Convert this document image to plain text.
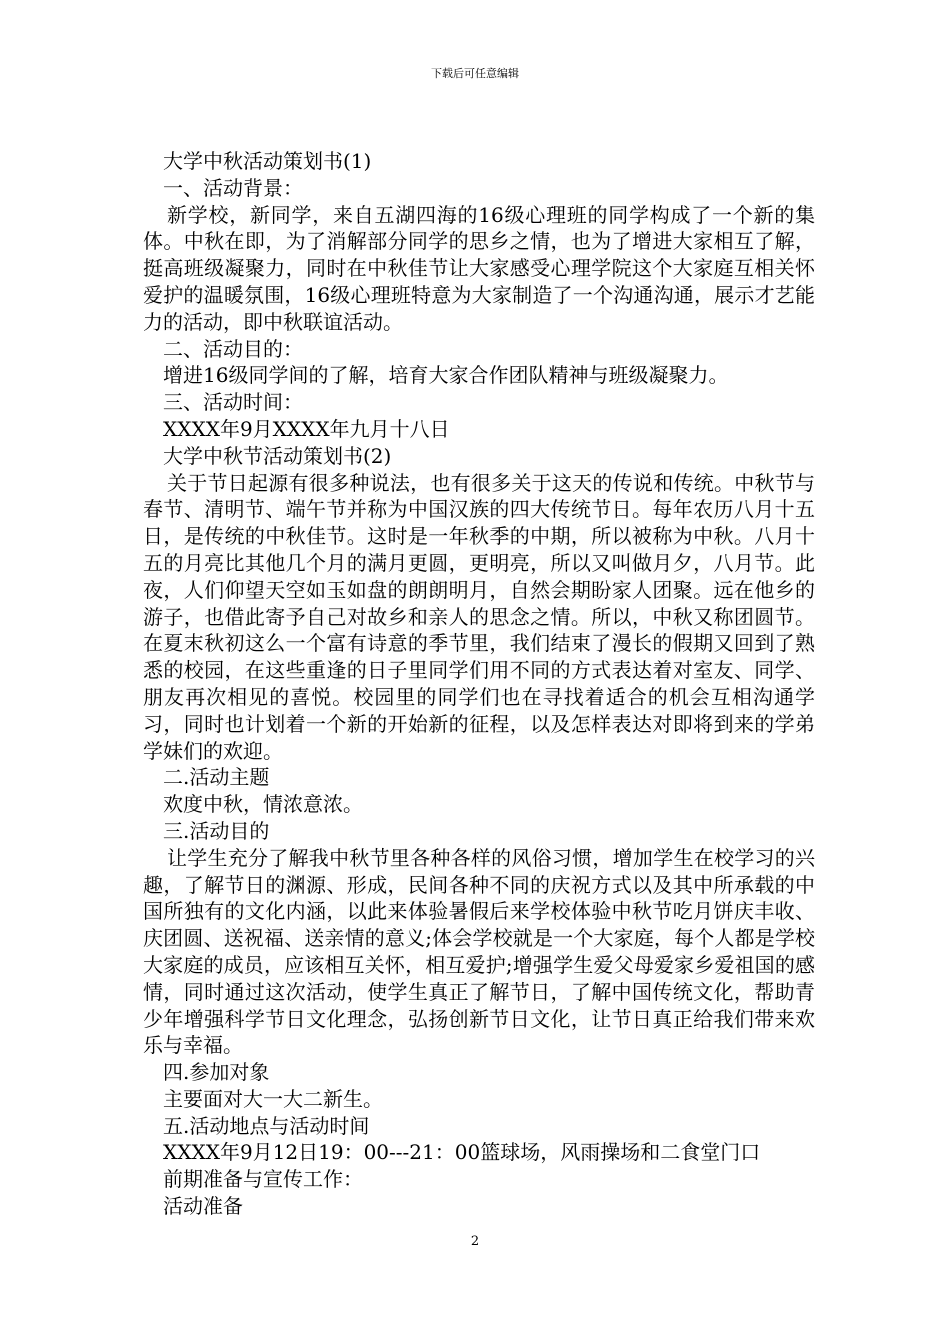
下载后可任意编辑

大学中秋活动策划书(1)

一、活动背景：

新学校，新同学，来自五湖四海的16级心理班的同学构成了一个新的集体。中秋在即，为了消解部分同学的思乡之情，也为了增进大家相互了解，挺高班级凝聚力，同时在中秋佳节让大家感受心理学院这个大家庭互相关怀爱护的温暖氛围，16级心理班特意为大家制造了一个沟通沟通，展示才艺能力的活动，即中秋联谊活动。

二、活动目的：

增进16级同学间的了解，培育大家合作团队精神与班级凝聚力。

三、活动时间：

XXXX年9月XXXX年九月十八日

大学中秋节活动策划书(2)

关于节日起源有很多种说法，也有很多关于这天的传说和传统。中秋节与春节、清明节、端午节并称为中国汉族的四大传统节日。每年农历八月十五日，是传统的中秋佳节。这时是一年秋季的中期，所以被称为中秋。八月十五的月亮比其他几个月的满月更圆，更明亮，所以又叫做月夕，八月节。此夜，人们仰望天空如玉如盘的朗朗明月，自然会期盼家人团聚。远在他乡的游子，也借此寄予自己对故乡和亲人的思念之情。所以，中秋又称团圆节。在夏末秋初这么一个富有诗意的季节里，我们结束了漫长的假期又回到了熟悉的校园，在这些重逢的日子里同学们用不同的方式表达着对室友、同学、朋友再次相见的喜悦。校园里的同学们也在寻找着适合的机会互相沟通学习，同时也计划着一个新的开始新的征程，以及怎样表达对即将到来的学弟学妹们的欢迎。

二.活动主题

欢度中秋，情浓意浓。

三.活动目的

让学生充分了解我中秋节里各种各样的风俗习惯，增加学生在校学习的兴趣，了解节日的渊源、形成，民间各种不同的庆祝方式以及其中所承载的中国所独有的文化内涵，以此来体验暑假后来学校体验中秋节吃月饼庆丰收、庆团圆、送祝福、送亲情的意义;体会学校就是一个大家庭，每个人都是学校大家庭的成员，应该相互关怀，相互爱护;增强学生爱父母爱家乡爱祖国的感情，同时通过这次活动，使学生真正了解节日，了解中国传统文化，帮助青少年增强科学节日文化理念，弘扬创新节日文化，让节日真正给我们带来欢乐与幸福。

四.参加对象

主要面对大一大二新生。

五.活动地点与活动时间

XXXX年9月12日19：00---21：00篮球场，风雨操场和二食堂门口

前期准备与宣传工作：

活动准备

2
